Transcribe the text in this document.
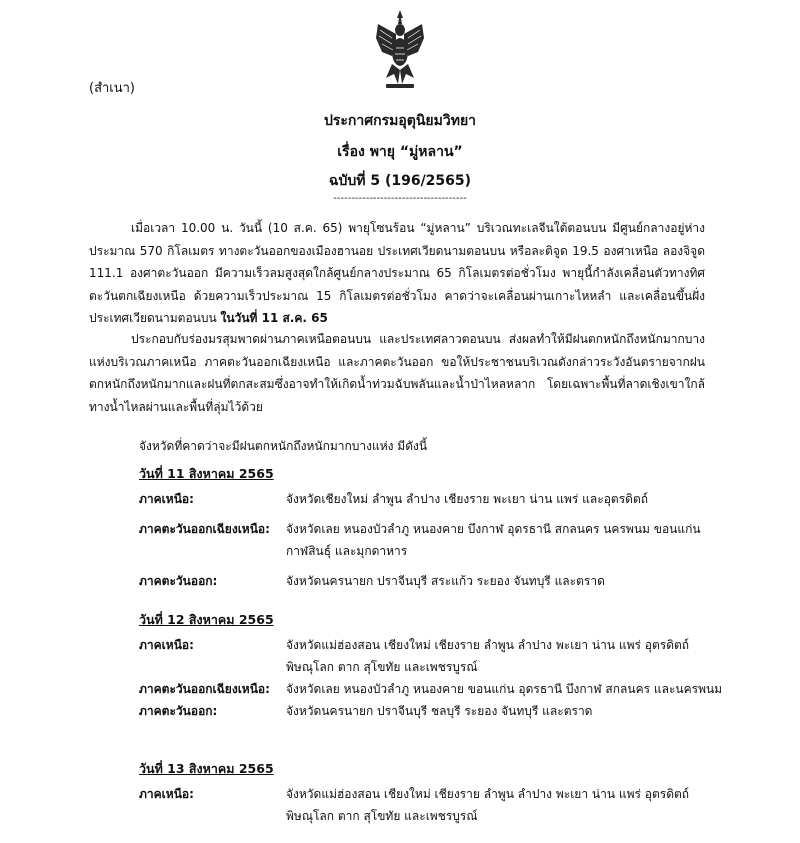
(สำเนา)
ประกาศกรมอุตุนิยมวิทยา
เรื่อง พายุ “มู่หลาน”
ฉบับที่ 5 (196/2565)
-------------------------------------

เมื่อเวลา 10.00 น. วันนี้ (10 ส.ค. 65) พายุโซนร้อน “มู่หลาน” บริเวณทะเลจีนใต้ตอนบน มีศูนย์กลางอยู่ห่างประมาณ 570 กิโลเมตร ทางตะวันออกของเมืองฮานอย ประเทศเวียดนามตอนบน หรือละติจูด 19.5 องศาเหนือ ลองจิจูด 111.1 องศาตะวันออก มีความเร็วลมสูงสุดใกล้ศูนย์กลางประมาณ 65 กิโลเมตรต่อชั่วโมง พายุนี้กำลังเคลื่อนตัวทางทิศตะวันตกเฉียงเหนือ ด้วยความเร็วประมาณ 15 กิโลเมตรต่อชั่วโมง คาดว่าจะเคลื่อนผ่านเกาะไหหลำ และเคลื่อนขึ้นฝั่งประเทศเวียดนามตอนบน ในวันที่ 11 ส.ค. 65

ประกอบกับร่องมรสุมพาดผ่านภาคเหนือตอนบน และประเทศลาวตอนบน ส่งผลทำให้มีฝนตกหนักถึงหนักมากบางแห่งบริเวณภาคเหนือ ภาคตะวันออกเฉียงเหนือ และภาคตะวันออก ขอให้ประชาชนบริเวณดังกล่าวระวังอันตรายจากฝนตกหนักถึงหนักมากและฝนที่ตกสะสมซึ่งอาจทำให้เกิดน้ำท่วมฉับพลันและน้ำป่าไหลหลาก โดยเฉพาะพื้นที่ลาดเชิงเขาใกล้ทางน้ำไหลผ่านและพื้นที่ลุ่มไว้ด้วย

จังหวัดที่คาดว่าจะมีฝนตกหนักถึงหนักมากบางแห่ง มีดังนี้
วันที่ 11 สิงหาคม 2565
ภาคเหนือ:	จังหวัดเชียงใหม่ ลำพูน ลำปาง เชียงราย พะเยา น่าน แพร่ และอุตรดิตถ์
ภาคตะวันออกเฉียงเหนือ:	จังหวัดเลย หนองบัวลำภู หนองคาย บึงกาฬ อุดรธานี สกลนคร นครพนม ขอนแก่น กาฬสินธุ์ และมุกดาหาร
ภาคตะวันออก:	จังหวัดนครนายก ปราจีนบุรี สระแก้ว ระยอง จันทบุรี และตราด
วันที่ 12 สิงหาคม 2565
ภาคเหนือ:	จังหวัดแม่ฮ่องสอน เชียงใหม่ เชียงราย ลำพูน ลำปาง พะเยา น่าน แพร่ อุตรดิตถ์ พิษณุโลก ตาก สุโขทัย และเพชรบูรณ์
ภาคตะวันออกเฉียงเหนือ:	จังหวัดเลย หนองบัวลำภู หนองคาย ขอนแก่น อุดรธานี บึงกาฬ สกลนคร และนครพนม
ภาคตะวันออก:	จังหวัดนครนายก ปราจีนบุรี ชลบุรี ระยอง จันทบุรี และตราด
วันที่ 13 สิงหาคม 2565
ภาคเหนือ:	จังหวัดแม่ฮ่องสอน เชียงใหม่ เชียงราย ลำพูน ลำปาง พะเยา น่าน แพร่ อุตรดิตถ์ พิษณุโลก ตาก สุโขทัย และเพชรบูรณ์
